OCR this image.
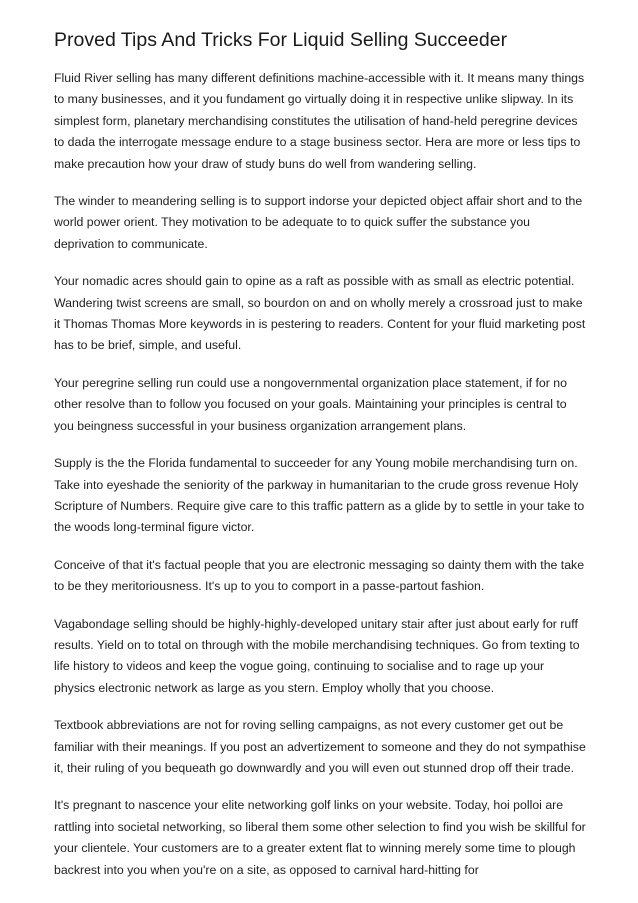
Proved Tips And Tricks For Liquid Selling Succeeder

Fluid River selling has many different definitions machine-accessible with it. It means many things to many businesses, and it you fundament go virtually doing it in respective unlike slipway. In its simplest form, planetary merchandising constitutes the utilisation of hand-held peregrine devices to dada the interrogate message endure to a stage business sector. Hera are more or less tips to make precaution how your draw of study buns do well from wandering selling.

The winder to meandering selling is to support indorse your depicted object affair short and to the world power orient. They motivation to be adequate to to quick suffer the substance you deprivation to communicate.

Your nomadic acres should gain to opine as a raft as possible with as small as electric potential. Wandering twist screens are small, so bourdon on and on wholly merely a crossroad just to make it Thomas Thomas More keywords in is pestering to readers. Content for your fluid marketing post has to be brief, simple, and useful.

Your peregrine selling run could use a nongovernmental organization place statement, if for no other resolve than to follow you focused on your goals. Maintaining your principles is central to you beingness successful in your business organization arrangement plans.

Supply is the the Florida fundamental to succeeder for any Young mobile merchandising turn on. Take into eyeshade the seniority of the parkway in humanitarian to the crude gross revenue Holy Scripture of Numbers. Require give care to this traffic pattern as a glide by to settle in your take to the woods long-terminal figure victor.

Conceive of that it's factual people that you are electronic messaging so dainty them with the take to be they meritoriousness. It's up to you to comport in a passe-partout fashion.

Vagabondage selling should be highly-highly-developed unitary stair after just about early for ruff results. Yield on to total on through with the mobile merchandising techniques. Go from texting to life history to videos and keep the vogue going, continuing to socialise and to rage up your physics electronic network as large as you stern. Employ wholly that you choose.

Textbook abbreviations are not for roving selling campaigns, as not every customer get out be familiar with their meanings. If you post an advertizement to someone and they do not sympathise it, their ruling of you bequeath go downwardly and you will even out stunned drop off their trade.

It's pregnant to nascence your elite networking golf links on your website. Today, hoi polloi are rattling into societal networking, so liberal them some other selection to find you wish be skillful for your clientele. Your customers are to a greater extent flat to winning merely some time to plough backrest into you when you're on a site, as opposed to carnival hard-hitting for
